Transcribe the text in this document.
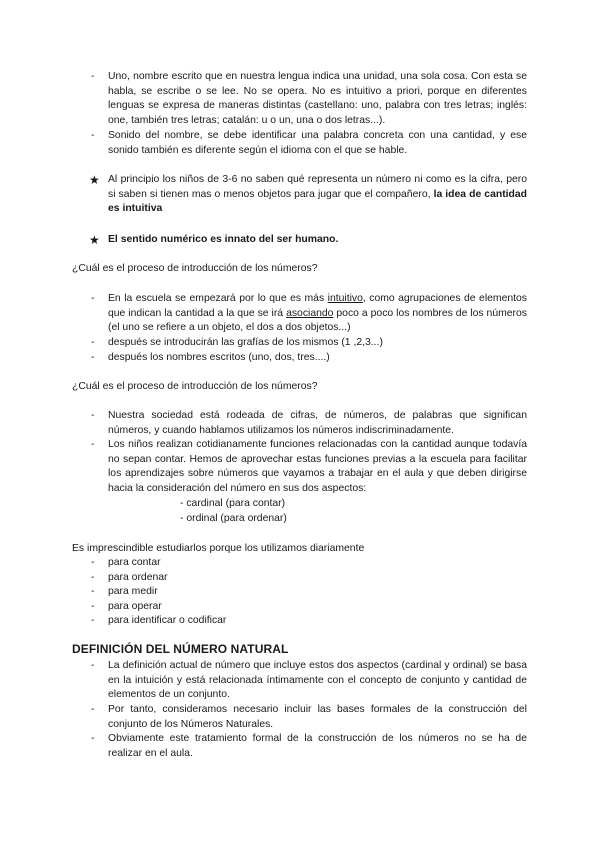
-	Uno, nombre escrito que en nuestra lengua indica una unidad, una sola cosa. Con esta se habla, se escribe o se lee. No se opera. No es intuitivo a priori, porque en diferentes lenguas se expresa de maneras distintas (castellano: uno, palabra con tres letras; inglés: one, también tres letras; catalán: u o un, una o dos letras...).
-	Sonido del nombre, se debe identificar una palabra concreta con una cantidad, y ese sonido también es diferente según el idioma con el que se hable.
★ Al principio los niños de 3-6 no saben qué representa un número ni como es la cifra, pero si saben si tienen mas o menos objetos para jugar que el compañero, la idea de cantidad es intuitiva
★ El sentido numérico es innato del ser humano.
¿Cuál es el proceso de introducción de los números?
-	En la escuela se empezará por lo que es más intuitivo, como agrupaciones de elementos que indican la cantidad a la que se irá asociando poco a poco los nombres de los números (el uno se refiere a un objeto, el dos a dos objetos...)
-	después se introducirán las grafías de los mismos (1 ,2,3...)
-	después los nombres escritos (uno, dos, tres....)
¿Cuál es el proceso de introducción de los números?
-	Nuestra sociedad está rodeada de cifras, de números, de palabras que significan números, y cuando hablamos utilizamos los números indiscriminadamente.
-	Los niños realizan cotidianamente funciones relacionadas con la cantidad aunque todavía no sepan contar. Hemos de aprovechar estas funciones previas a la escuela para facilitar los aprendizajes sobre números que vayamos a trabajar en el aula y que deben dirigirse hacia la consideración del número en sus dos aspectos:
- cardinal (para contar)
- ordinal (para ordenar)
Es imprescindible estudiarlos porque los utilizamos diariamente
-	para contar
-	para ordenar
-	para medir
-	para operar
-	para identificar o codificar
DEFINICIÓN DEL NÚMERO NATURAL
-	La definición actual de número que incluye estos dos aspectos (cardinal y ordinal) se basa en la intuición y está relacionada íntimamente con el concepto de conjunto y cantidad de elementos de un conjunto.
-	Por tanto, consideramos necesario incluir las bases formales de la construcción del conjunto de los Números Naturales.
-	Obviamente este tratamiento formal de la construcción de los números no se ha de realizar en el aula.
